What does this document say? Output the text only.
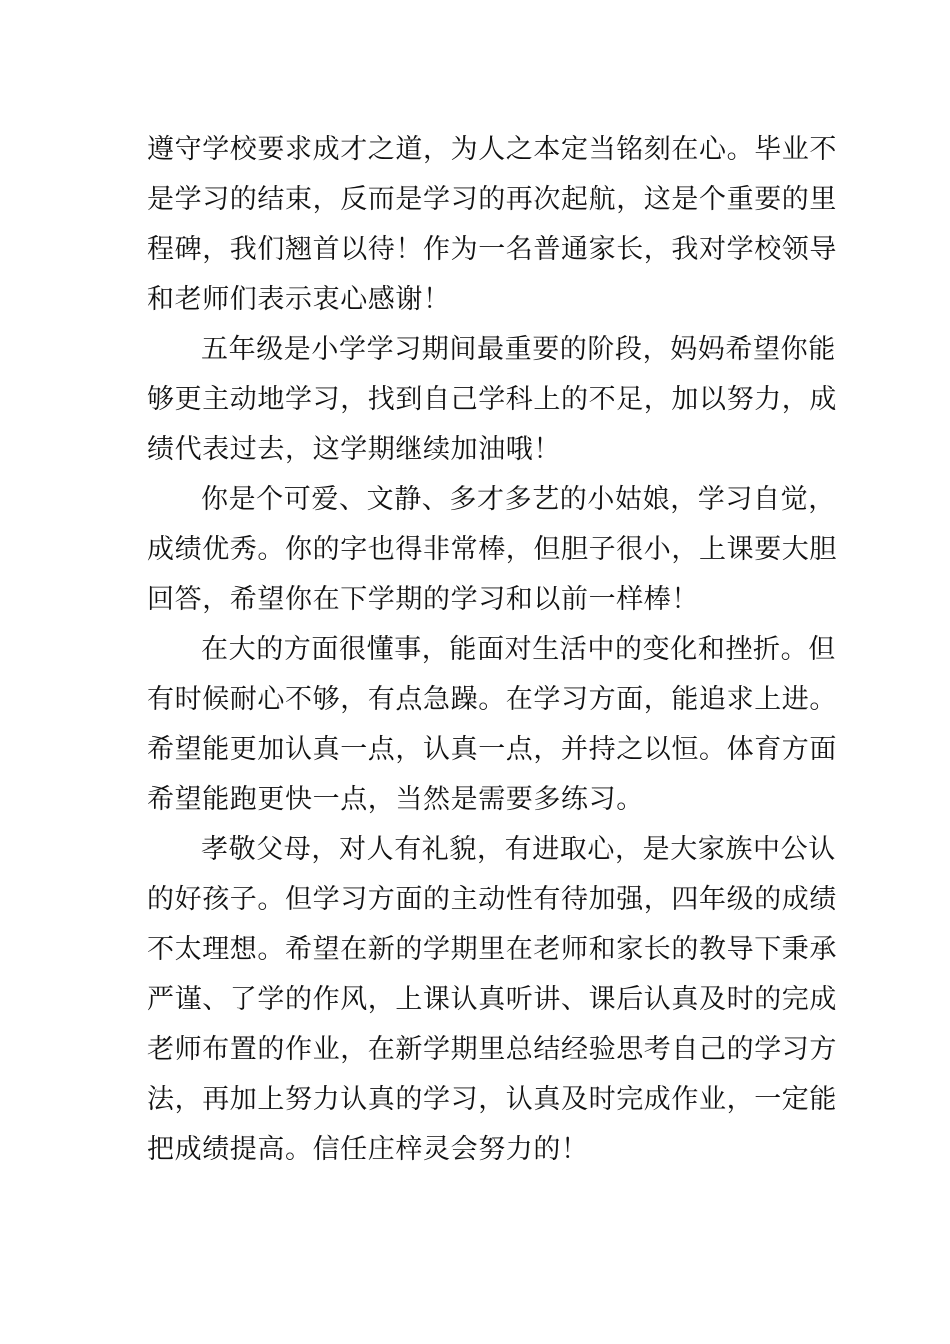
遵守学校要求成才之道，为人之本定当铭刻在心。毕业不
是学习的结束，反而是学习的再次起航，这是个重要的里
程碑，我们翘首以待！作为一名普通家长，我对学校领导
和老师们表示衷心感谢！
五年级是小学学习期间最重要的阶段，妈妈希望你能
够更主动地学习，找到自己学科上的不足，加以努力，成
绩代表过去，这学期继续加油哦！
你是个可爱、文静、多才多艺的小姑娘，学习自觉，
成绩优秀。你的字也得非常棒，但胆子很小，上课要大胆
回答，希望你在下学期的学习和以前一样棒！
在大的方面很懂事，能面对生活中的变化和挫折。但
有时候耐心不够，有点急躁。在学习方面，能追求上进。
希望能更加认真一点，认真一点，并持之以恒。体育方面
希望能跑更快一点，当然是需要多练习。
孝敬父母，对人有礼貌，有进取心，是大家族中公认
的好孩子。但学习方面的主动性有待加强，四年级的成绩
不太理想。希望在新的学期里在老师和家长的教导下秉承
严谨、了学的作风，上课认真听讲、课后认真及时的完成
老师布置的作业，在新学期里总结经验思考自己的学习方
法，再加上努力认真的学习，认真及时完成作业，一定能
把成绩提高。信任庄梓灵会努力的！
